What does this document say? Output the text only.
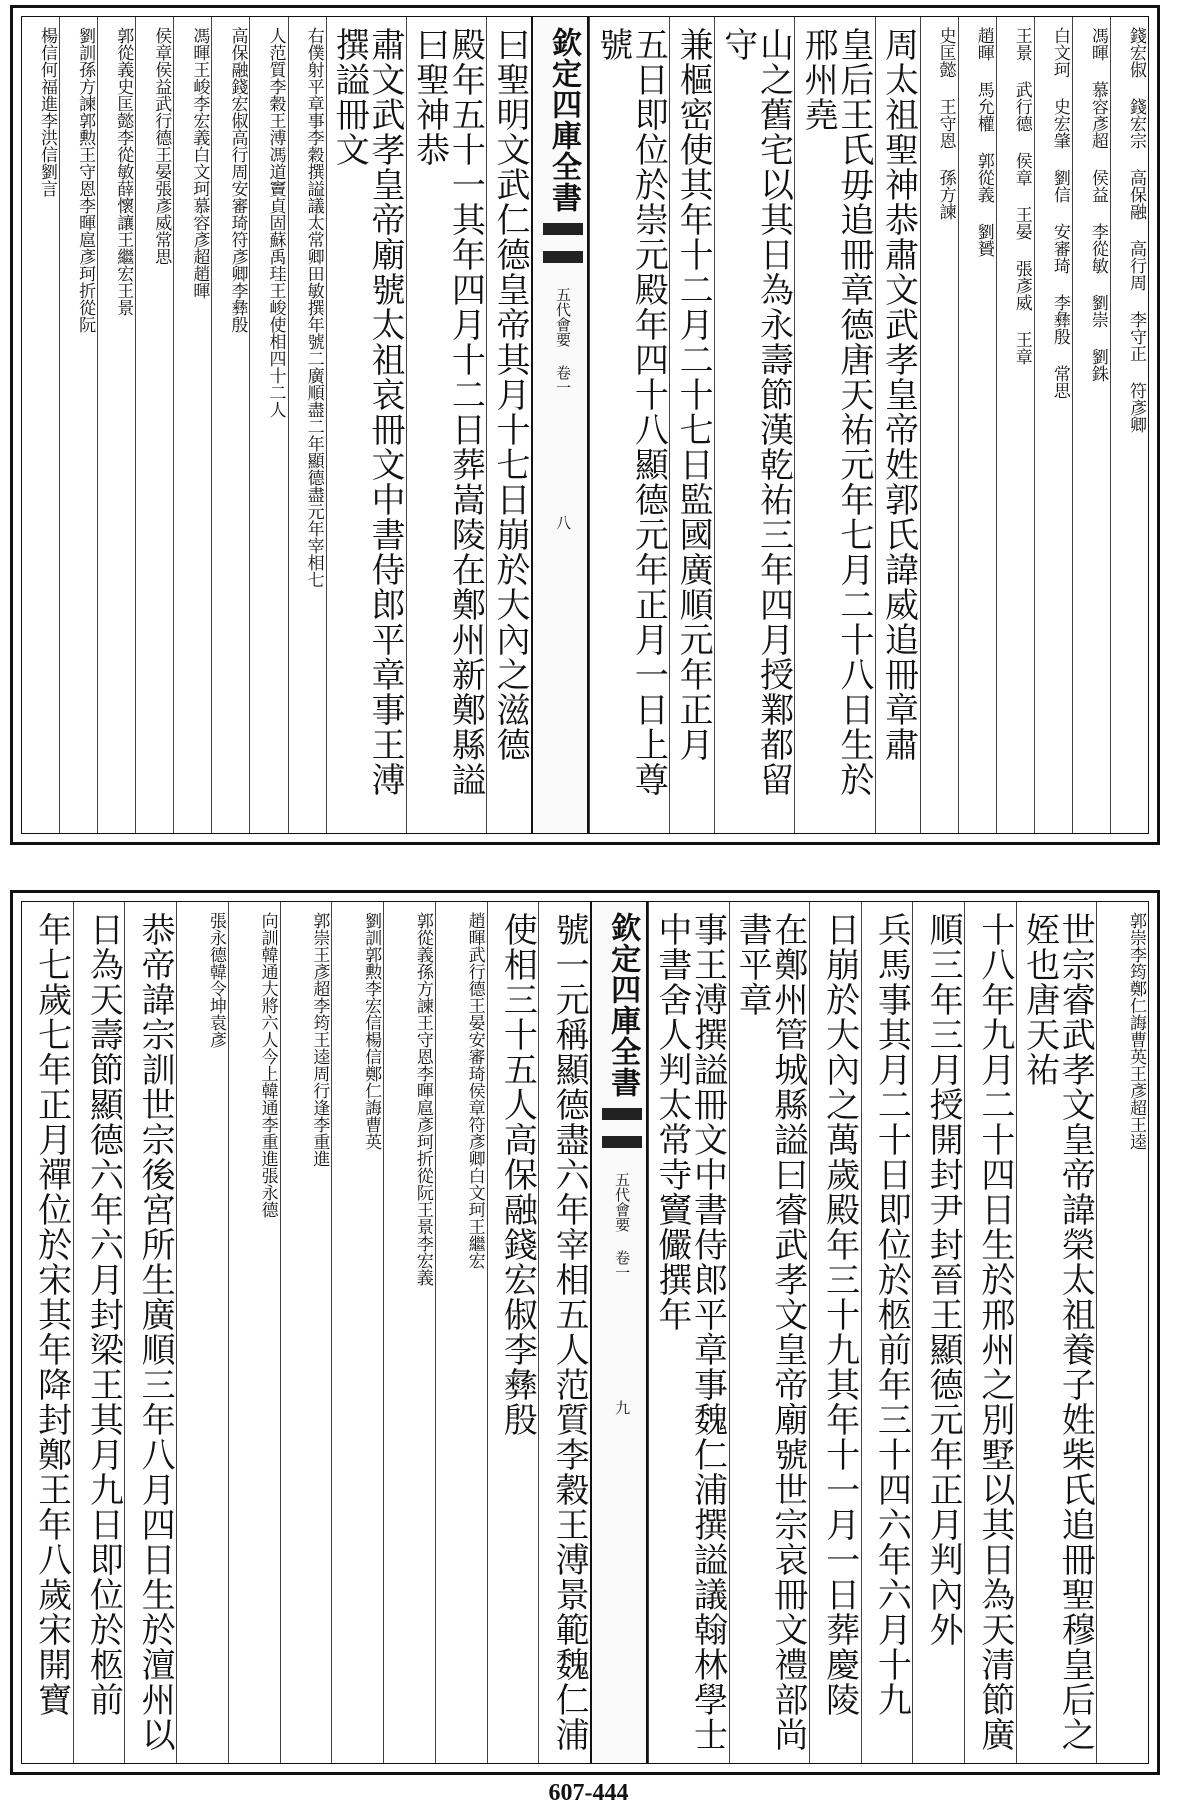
錢宏俶 錢宏宗 高保融 高行周 李守正 符彥卿
馮暉 慕容彥超 侯益 李從敏 劉崇 劉銖
白文珂 史宏肇 劉信 安審琦 李彝殷 常思
王景 武行德 侯章 王晏 張彥威 王章
趙暉 馬允權 郭從義 劉贇
史匡懿 王守恩 孫方諫
周太祖聖神恭肅文武孝皇帝姓郭氏諱威追冊章肅
皇后王氏毋追冊章德唐天祐元年七月二十八日生於邢州堯
山之舊宅以其日為永壽節漢乾祐三年四月授鄴都留守
兼樞密使其年十二月二十七日監國廣順元年正月
五日即位於崇元殿年四十八顯德元年正月一日上尊號
欽定四庫全書五代會要 卷一八
曰聖明文武仁德皇帝其月十七日崩於大內之滋德
殿年五十一其年四月十二日葬嵩陵在鄭州新鄭縣謚曰聖神恭
肅文武孝皇帝廟號太祖哀冊文中書侍郎平章事王溥撰謚冊文
右僕射平章事李穀撰謚議太常卿田敏撰年號二廣順盡二年顯德盡元年宰相七
人范質李穀王溥馮道竇貞固蘇禹珪王峻使相四十二人
高保融錢宏俶高行周安審琦符彥卿李彝殷
馮暉王峻李宏義白文珂慕容彥超趙暉
侯章侯益武行德王晏張彥威常思
郭從義史匡懿李從敏薛懷讓王繼宏王景
劉訓孫方諫郭勲王守恩李暉扈彥珂折從阮
楊信何福進李洪信劉言
郭崇李筠鄭仁誨曹英王彥超王逵
世宗睿武孝文皇帝諱榮太祖養子姓柴氏追冊聖穆皇后之姪也唐天祐
十八年九月二十四日生於邢州之別墅以其日為天清節廣
順三年三月授開封尹封晉王顯德元年正月判內外
兵馬事其月二十日即位於柩前年三十四六年六月十九
日崩於大內之萬歲殿年三十九其年十一月一日葬慶陵
在鄭州管城縣謚曰睿武孝文皇帝廟號世宗哀冊文禮部尚書平章
事王溥撰謚冊文中書侍郎平章事魏仁浦撰謚議翰林學士中書舍人判太常寺竇儼撰年
欽定四庫全書五代會要 卷一九
號一元稱顯德盡六年宰相五人范質李穀王溥景範魏仁浦
使相三十五人高保融錢宏俶李彝殷
趙暉武行德王晏安審琦侯章符彥卿白文珂王繼宏
郭從義孫方諫王守恩李暉扈彥珂折從阮王景李宏義
劉訓郭勲李宏信楊信鄭仁誨曹英
郭崇王彥超李筠王逵周行逢李重進
向訓韓通大將六人今上韓通李重進張永德
張永德韓令坤袁彥
恭帝諱宗訓世宗後宮所生廣順三年八月四日生於澶州以
日為天壽節顯德六年六月封梁王其月九日即位於柩前
年七歲七年正月禪位於宋其年降封鄭王年八歲宋開寶
607-444
